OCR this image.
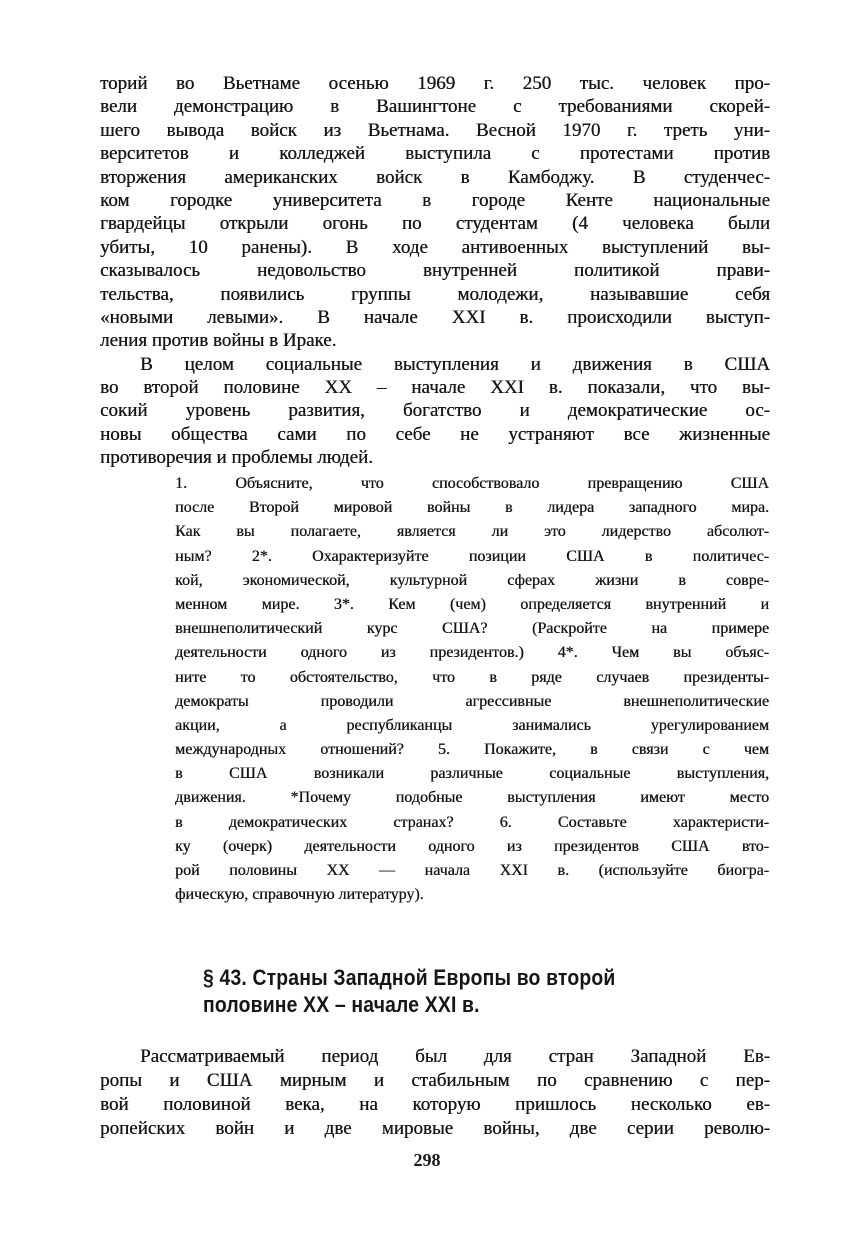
торий во Вьетнаме осенью 1969 г. 250 тыс. человек про-
вели демонстрацию в Вашингтоне с требованиями скорей-
шего вывода войск из Вьетнама. Весной 1970 г. треть уни-
верситетов и колледжей выступила с протестами против
вторжения американских войск в Камбоджу. В студенчес-
ком городке университета в городе Кенте национальные
гвардейцы открыли огонь по студентам (4 человека были
убиты, 10 ранены). В ходе антивоенных выступлений вы-
сказывалось недовольство внутренней политикой прави-
тельства, появились группы молодежи, называвшие себя
«новыми левыми». В начале XXI в. происходили выступ-
ления против войны в Ираке.
В целом социальные выступления и движения в США
во второй половине XX – начале XXI в. показали, что вы-
сокий уровень развития, богатство и демократические ос-
новы общества сами по себе не устраняют все жизненные
противоречия и проблемы людей.
1. Объясните, что способствовало превращению США
после Второй мировой войны в лидера западного мира.
Как вы полагаете, является ли это лидерство абсолют-
ным? 2*. Охарактеризуйте позиции США в политичес-
кой, экономической, культурной сферах жизни в совре-
менном мире. 3*. Кем (чем) определяется внутренний и
внешнеполитический курс США? (Раскройте на примере
деятельности одного из президентов.) 4*. Чем вы объяс-
ните то обстоятельство, что в ряде случаев президенты-
демократы проводили агрессивные внешнеполитические
акции, а республиканцы занимались урегулированием
международных отношений? 5. Покажите, в связи с чем
в США возникали различные социальные выступления,
движения. *Почему подобные выступления имеют место
в демократических странах? 6. Составьте характеристи-
ку (очерк) деятельности одного из президентов США вто-
рой половины XX — начала XXI в. (используйте биогра-
фическую, справочную литературу).
§ 43. Страны Западной Европы во второй
половине XX – начале XXI в.
Рассматриваемый период был для стран Западной Ев-
ропы и США мирным и стабильным по сравнению с пер-
вой половиной века, на которую пришлось несколько ев-
ропейских войн и две мировые войны, две серии револю-
298
